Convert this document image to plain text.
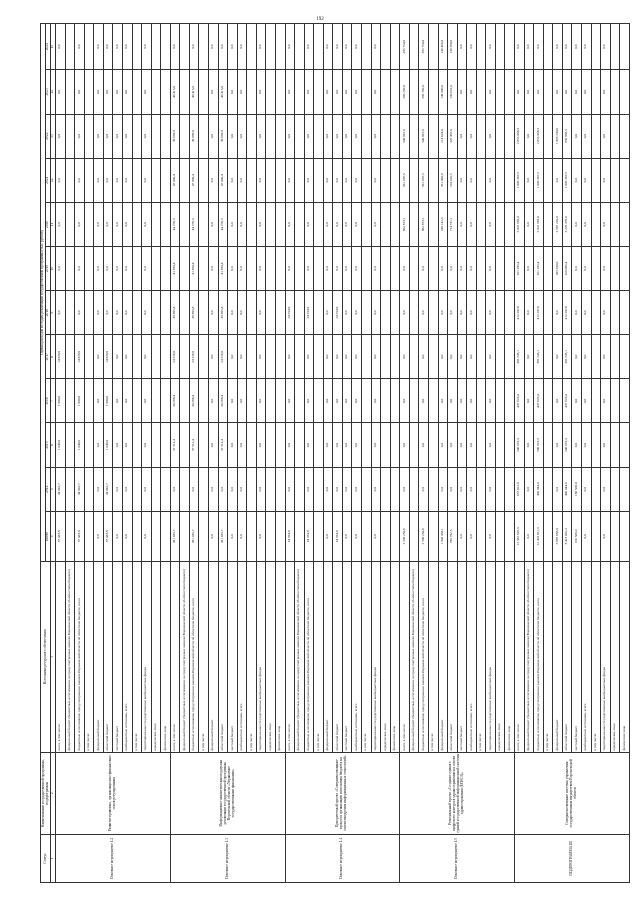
192
Статус	Наименование государственной программы, подпрограммы	Источники ресурсного обеспечения	Оценка расходов по годам реализации государственной программы (тыс. рублей)											
			Всего	2014	2015	2016	2017	2018	2019	2020	2021	2022	2023	2024
1	2	3	4	5	6	7	8	9	10	11	12	13	14	15
Основное мероприятие 1.2	Развитие правовых, организационно-финансовых основ регулирования	всего, в том числе:	57 033,8	34 092,7	1 640,0	1 080,0	14 828,9	0,0	0,0	0,0	0,0	0,0	0,0	0,0
		федеральный бюджет (бюджетные ассигнования, не предусмотренные законом Воронежской области об областном бюджете)												
		бюджетные ассигнования, предусмотренные законом Воронежской области об областном бюджете, всего	57 033,8	34 092,7	1 640,0	1 080,0	14 828,9	0,0	0,0	0,0	0,0	0,0	0,0	0,0
		в том числе:												
		федеральный бюджет	0,0	0,0	0,0	0,0	0,0	0,0	0,0	0,0	0,0	0,0	0,0	0,0
		областной бюджет	57 033,8	34 092,7	1 640,0	1 080,0	14 828,9	0,0	0,0	0,0	0,0	0,0	0,0	0,0
		местный бюджет	0,0	0,0	0,0	0,0	0,0	0,0	0,0	0,0	0,0	0,0	0,0	0,0
		внебюджетные источники, всего	0,0	0,0	0,0	0,0	0,0	0,0	0,0	0,0	0,0	0,0	0,0	0,0
		в том числе:												
		территориальные государственные внебюджетные фонды	0,0	0,0	0,0	0,0	0,0	0,0	0,0	0,0	0,0	0,0	0,0	0,0
		юридические лица												
		физические лица												
Основное мероприятие 1.3	Информационно-аналитическая поддержка реализации государственной программы Воронежской области «Управление государственными финансами»	всего, в том числе:	381 205,7	0,0	37 512,4	34 298,4	24 729,9	39 895,8	41 850,4	44 276,3	47 606,4	39 699,8	40 415,0	0,0
		федеральный бюджет (бюджетные ассигнования, не предусмотренные законом Воронежской области об областном бюджете)												
		бюджетные ассигнования, предусмотренные законом Воронежской области об областном бюджете, всего	381 205,7	0,0	37 512,4	34 298,4	24 729,9	39 895,8	41 850,4	44 276,3	47 606,4	39 699,8	40 415,0	0,0
		в том числе:												
		федеральный бюджет	0,0	0,0	0,0	0,0	0,0	0,0	0,0	0,0	0,0	0,0	0,0	0,0
		областной бюджет	381 205,7	0,0	37 512,4	34 298,4	24 729,9	39 895,8	41 850,4	44 276,3	47 606,4	39 699,8	40 415,0	0,0
		местный бюджет	0,0	0,0	0,0	0,0	0,0	0,0	0,0	0,0	0,0	0,0	0,0	0,0
		внебюджетные источники, всего	0,0	0,0	0,0	0,0	0,0	0,0	0,0	0,0	0,0	0,0	0,0	0,0
		в том числе:												
		территориальные государственные внебюджетные фонды	0,0	0,0	0,0	0,0	0,0	0,0	0,0	0,0	0,0	0,0	0,0	0,0
		юридические лица												
		физические лица												
Основное мероприятие 1.4	Приоритетный проект «Совершенствование процесса организации исполнения бюджета на основе внедрения информационных технологий»	всего, в том числе:	24 554,9	0,0	0,0	0,0	0,0	24 554,9	0,0	0,0	0,0	0,0	0,0	0,0
		федеральный бюджет (бюджетные ассигнования, не предусмотренные законом Воронежской области об областном бюджете)												
		бюджетные ассигнования, предусмотренные законом Воронежской области об областном бюджете, всего	24 554,9	0,0	0,0	0,0	0,0	24 554,9	0,0	0,0	0,0	0,0	0,0	0,0
		в том числе:												
		федеральный бюджет	0,0	0,0	0,0	0,0	0,0	0,0	0,0	0,0	0,0	0,0	0,0	0,0
		областной бюджет	24 554,9	0,0	0,0	0,0	0,0	24 554,9	0,0	0,0	0,0	0,0	0,0	0,0
		местный бюджет	0,0	0,0	0,0	0,0	0,0	0,0	0,0	0,0	0,0	0,0	0,0	0,0
		внебюджетные источники, всего	0,0	0,0	0,0	0,0	0,0	0,0	0,0	0,0	0,0	0,0	0,0	0,0
		в том числе:												
		территориальные государственные внебюджетные фонды	0,0	0,0	0,0	0,0	0,0	0,0	0,0	0,0	0,0	0,0	0,0	0,0
		юридические лица												
		физические лица												
Основное мероприятие 1.5	Региональный проект «Создание единого цифрового контура в здравоохранении на основе единой государственной информационной системы здравоохранения (ЕГИСЗ)»	всего, в том числе:	2 590 250,6	0,0	0,0	0,0	0,0	0,0	0,0	962 873,1	561 476,5	540 091,0	285 702,0	285 754,0
		федеральный бюджет (бюджетные ассигнования, не предусмотренные законом Воронежской области об областном бюджете)												
		бюджетные ассигнования, предусмотренные законом Воронежской области об областном бюджете, всего	2 590 250,6	0,0	0,0	0,0	0,0	0,0	0,0	962 873,1	561 476,5	540 091,0	285 702,0	285 754,0
		в том числе:												
		федеральный бюджет	1 803 458,1	0,0	0,0	0,0	0,0	0,0	0,0	248 142,0	351 060,0	214 624,0	149 080,0	149 466,0
		областной бюджет	786 792,5	0,0	0,0	0,0	0,0	0,0	0,0	714 731,1	210 416,5	325 467,0	136 622,0	136 288,0
		местный бюджет	0,0	0,0	0,0	0,0	0,0	0,0	0,0	0,0	0,0	0,0	0,0	0,0
		внебюджетные источники, всего	0,0	0,0	0,0	0,0	0,0	0,0	0,0	0,0	0,0	0,0	0,0	0,0
		в том числе:												
		территориальные государственные внебюджетные фонды	0,0	0,0	0,0	0,0	0,0	0,0	0,0	0,0	0,0	0,0	0,0	0,0
		юридические лица												
		физические лица												
ПОДПРОГРАММА III	Совершенствование системы управления государственным имуществом Воронежской области	всего, в том числе:	12 562 819,3	657 012,0	546 919,3	437 623,0	381 245,1	412 287,6	921 285,4	5 822 599,0	1 003 367,5	2 055 098,3	0,0	0,0
		федеральный бюджет (бюджетные ассигнования, не предусмотренные законом Воронежской области об областном бюджете)	0,0	0,0	0,0	0,0	0,0	0,0	0,0	0,0	0,0	0,0	0,0	0,0
		бюджетные ассигнования, предусмотренные законом Воронежской области об областном бюджете, всего	12 410 651,3	490 344,0	546 919,3	437 623,0	381 245,1	412 287,6	921 285,4	5 822 599,0	1 003 367,5	2 055 098,3	0,0	0,0
		в том числе:												
		федеральный бюджет	3 997 650,0	0,0	0,0	0,0	0,0	0,0	305 200,0	2 597 220,0	0,0	1 095 230,0	0,0	0,0
		областной бюджет	8 413 001,3	490 344,0	546 919,3	437 623,0	381 245,1	412 287,6	616 085,4	3 225 379,0	1 003 367,5	959 868,3	0,0	0,0
		местный бюджет	166 508,0	166 508,0	0,0	0,0	0,0	0,0	0,0	0,0	0,0	0,0	0,0	0,0
		внебюджетные источники, всего	0,0	0,0	0,0	0,0	0,0	0,0	0,0	0,0	0,0	0,0	0,0	0,0
		в том числе:												
		территориальные государственные внебюджетные фонды	0,0	0,0	0,0	0,0	0,0	0,0	0,0	0,0	0,0	0,0	0,0	0,0
		юридические лица												
		физические лица												
